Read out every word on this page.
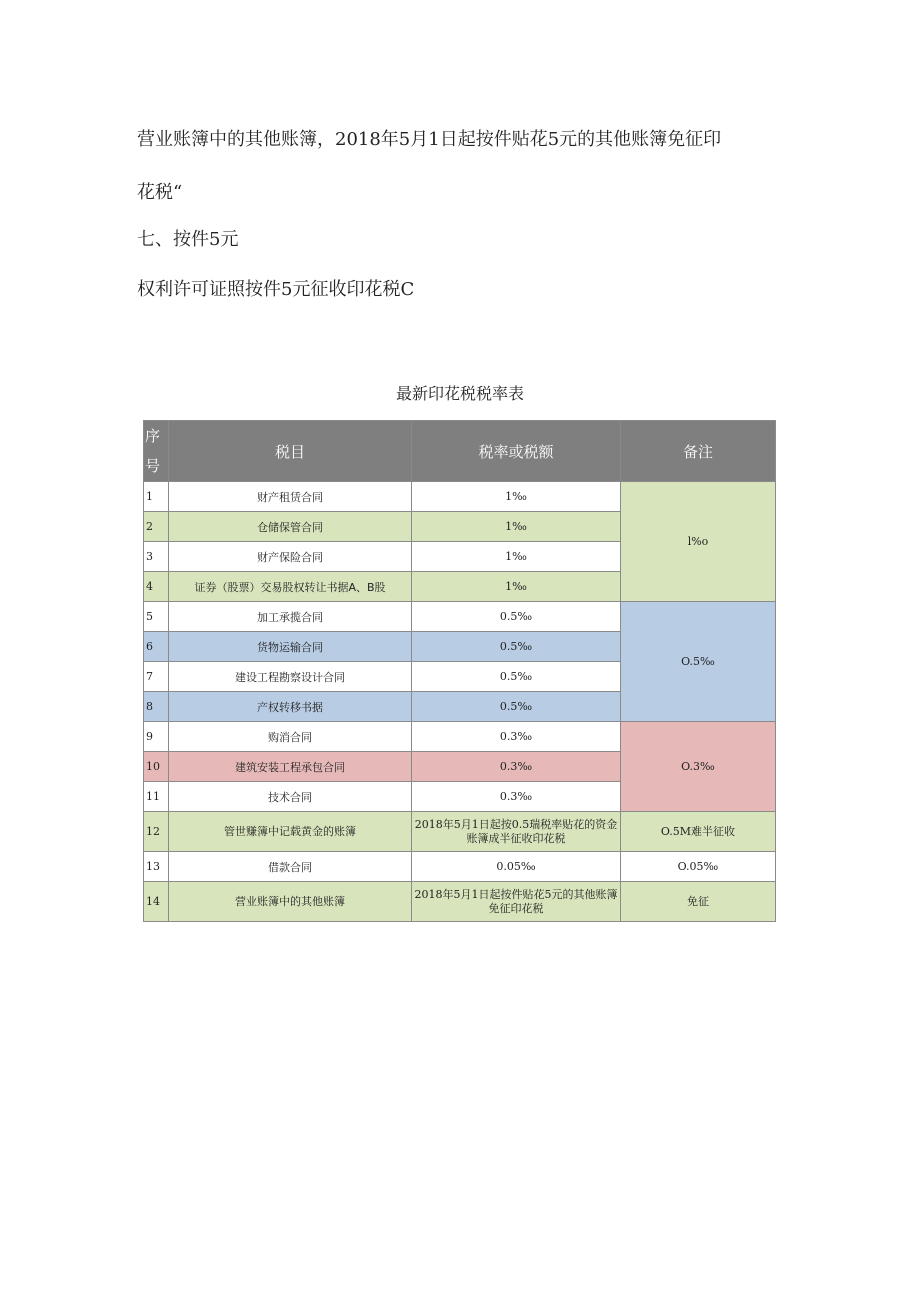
营业账簿中的其他账簿，2018年5月1日起按件贴花5元的其他账簿免征印

花税“

七、按件5元

权利许可证照按件5元征收印花税C

最新印花税税率表
序号	税目	税率或税额	备注
1	财产租赁合同	1‰	l%o
2	仓储保管合同	1‰	
3	财产保险合同	1‰	
4	证券（股票）交易股权转让书据A、B股	1‰	
5	加工承揽合同	0.5‰	O.5‰
6	货物运输合同	0.5‰	
7	建设工程勘察设计合同	0.5‰	
8	产权转移书据	0.5‰	
9	购消合同	0.3‰	O.3‰
10	建筑安装工程承包合同	0.3‰	
11	技术合同	0.3‰	
12	管世赚簿中记载黄金的账簿	2018年5月1日起按0.5瑞税率贴花的资金账簿成半征收印花税	O.5M难半征收
13	借款合同	0.05‰	O.05‰
14	营业账簿中的其他账簿	2018年5月1日起按件贴花5元的其他账簿免征印花税	免征
